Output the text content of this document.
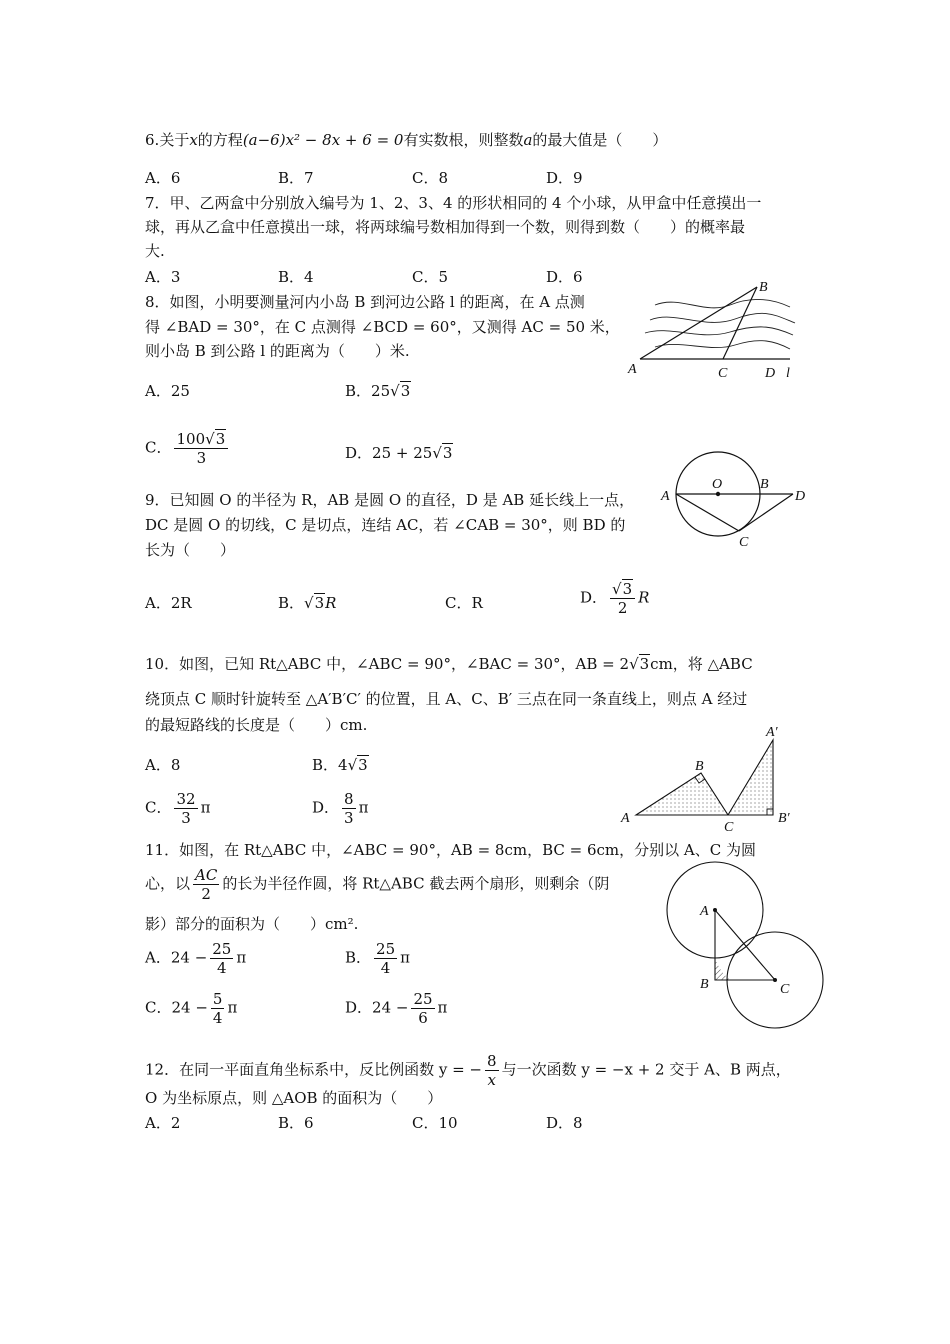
6.关于x的方程(a−6)x² − 8x + 6 = 0有实数根，则整数a的最大值是（　　）
A．6	B．7	C．8	D．9
7．甲、乙两盒中分别放入编号为 1、2、3、4 的形状相同的 4 个小球，从甲盒中任意摸出一
球，再从乙盒中任意摸出一球，将两球编号数相加得到一个数，则得到数（　　）的概率最
大.
A．3	B．4	C．5	D．6
8．如图，小明要测量河内小岛 B 到河边公路 l 的距离，在 A 点测
得 ∠BAD = 30°，在 C 点测得 ∠BCD = 60°，又测得 AC = 50 米，
则小岛 B 到公路 l 的距离为（　　）米.
A．25	B．25√3
C． $\frac{100√3}{3}$	D．25 + 25√3
A
B
C	D l
9．已知圆 O 的半径为 R，AB 是圆 O 的直径，D 是 AB 延长线上一点，
DC 是圆 O 的切线，C 是切点，连结 AC，若 ∠CAB = 30°，则 BD 的
长为（　　）
A．2R	B．√3R	C．R	D． $\frac{√3}{2}$ R
A
O	B
D
C
10．如图，已知 Rt△ABC 中，∠ABC = 90°，∠BAC = 30°，AB = 2√3cm，将 △ABC
绕顶点 C 顺时针旋转至 △A′B′C′ 的位置，且 A、C、B′ 三点在同一条直线上，则点 A 经过
的最短路线的长度是（　　）cm.
A．8	B．4√3
C． $\frac{32}{3}$ π	D． $\frac{8}{3}$ π
A
B
C
A′
B′
11．如图，在 Rt△ABC 中，∠ABC = 90°，AB = 8cm，BC = 6cm，分别以 A、C 为圆
心，以 $\frac{AC}{2}$ 的长为半径作圆，将 Rt△ABC 截去两个扇形，则剩余（阴
影）部分的面积为（　　）cm².
A．$24 - \frac{25}{4}$ π	B． $\frac{25}{4}$ π
C．$24 - \frac{5}{4}$ π	D．$24 - \frac{25}{6}$ π
A
B	C
12．在同一平面直角坐标系中，反比例函数 y = − $\frac{8}{x}$ 与一次函数 y = −x + 2 交于 A、B 两点，
O 为坐标原点，则 △AOB 的面积为（　　）
A．2	B．6	C．10	D．8
